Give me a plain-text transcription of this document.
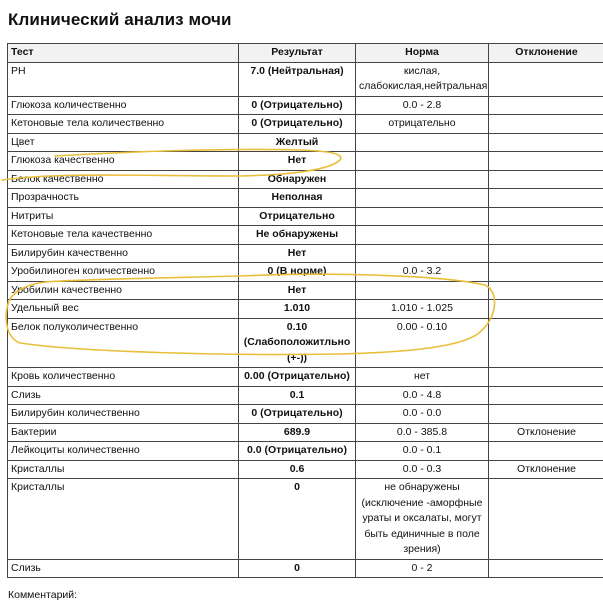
Клинический анализ мочи
Тест	Результат	Норма	Отклонение
PH	7.0 (Нейтральная)	кислая, слабокислая,нейтральная	
Глюкоза количественно	0 (Отрицательно)	0.0 - 2.8	
Кетоновые тела количественно	0 (Отрицательно)	отрицательно	
Цвет	Желтый		
Глюкоза качественно	Нет		
Белок качественно	Обнаружен		
Прозрачность	Неполная		
Нитриты	Отрицательно		
Кетоновые тела качественно	Не обнаружены		
Билирубин качественно	Нет		
Уробилиноген количественно	0 (В норме)	0.0 - 3.2	
Уробилин качественно	Нет		
Удельный вес	1.010	1.010 - 1.025	
Белок полуколичественно	0.10 (Слабоположитльно (+-))	0.00 - 0.10	
Кровь количественно	0.00 (Отрицательно)	нет	
Слизь	0.1	0.0 - 4.8	
Билирубин количественно	0 (Отрицательно)	0.0 - 0.0	
Бактерии	689.9	0.0 - 385.8	Отклонение
Лейкоциты количественно	0.0 (Отрицательно)	0.0 - 0.1	
Кристаллы	0.6	0.0 - 0.3	Отклонение
Кристаллы	0	не обнаружены (исключение -аморфные ураты и оксалаты, могут быть единичные в поле зрения)	
Слизь	0	0 - 2	
Комментарий:
